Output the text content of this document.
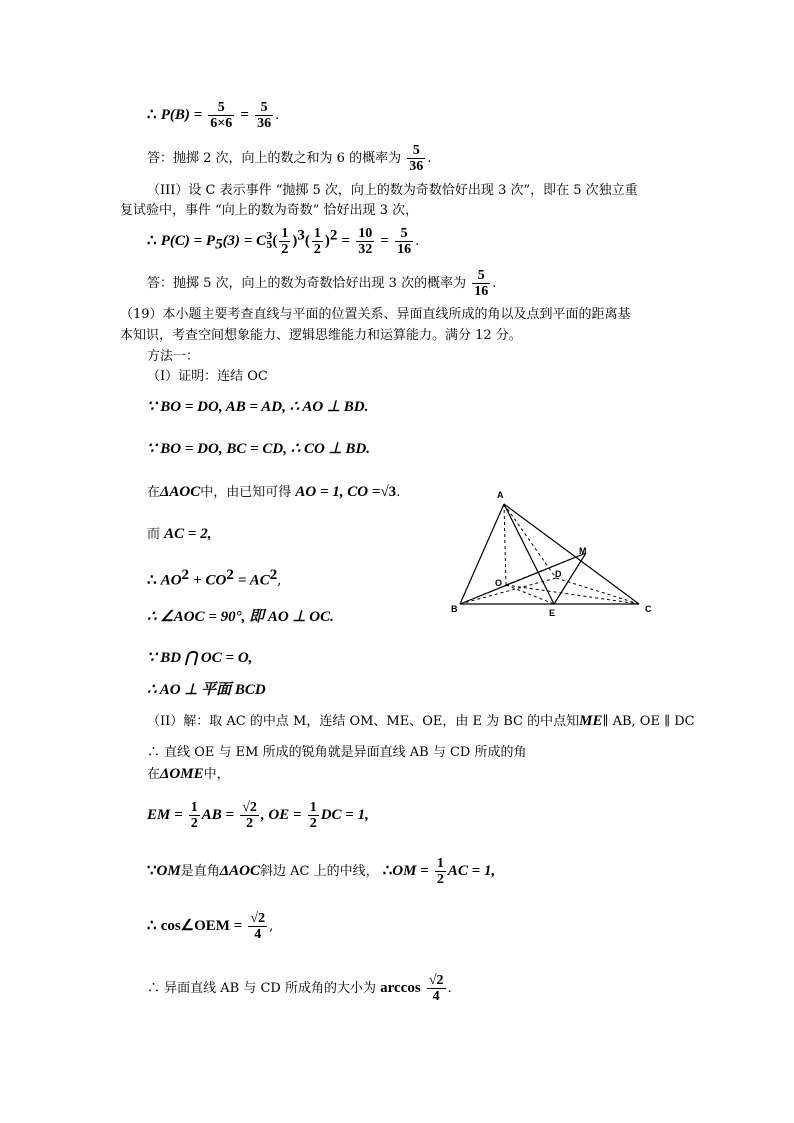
∴ $P(B) = \frac{5}{6\times 6} = \frac{5}{36}$ .
答：抛掷 2 次，向上的数之和为 6 的概率为 $\frac{5}{36}$ .
（III）设 C 表示事件 “抛掷 5 次，向上的数为奇数恰好出现 3 次”，即在 5 次独立重
复试验中，事件 “向上的数为奇数” 恰好出现 3 次，
∴ $P(C) = P_5(3) = C$ 3
5 ( $\frac{1}{2} )^3( \frac{1}{2} )^2 = \frac{10}{32} = \frac{5}{16}$ .
答：抛掷 5 次，向上的数为奇数恰好出现 3 次的概率为 $\frac{5}{16}$ .
（19）本小题主要考查直线与平面的位置关系、异面直线所成的角以及点到平面的距离基
本知识，考查空间想象能力、逻辑思维能力和运算能力。满分 12 分。
方法一：
（I）证明：连结 OC
∵ BO = DO, AB = AD, ∴ AO ⊥ BD.
∵ BO = DO, BC = CD, ∴ CO ⊥ BD.
在ΔAOC中，由已知可得 AO = 1, CO =√3.
而 AC = 2,
∴ $AO^2 + CO^2 = AC^2$,
∴ ∠AOC = 90°, 即 AO ⊥ OC.
∵ BD ⋂ OC = O,
∴ AO ⊥ 平面 BCD
（II）解：取 AC 的中点 M，连结 OM、ME、OE，由 E 为 BC 的中点知ME∥ AB, OE ∥ DC
∴ 直线 OE 与 EM 所成的锐角就是异面直线 AB 与 CD 所成的角
在ΔOME中，
EM = $\frac{1}{2}$ AB = $\frac{√2}{2}$ , OE = $\frac{1}{2}$ DC = 1,
∵OM是直角ΔAOC斜边 AC 上的中线， ∴OM = $\frac{1}{2}$ AC = 1,
∴ cos∠OEM = $\frac{√2}{4}$ ,
∴ 异面直线 AB 与 CD 所成角的大小为 $\arccos \frac{√2}{4}$ .
A
B	C
D
E
O
M
